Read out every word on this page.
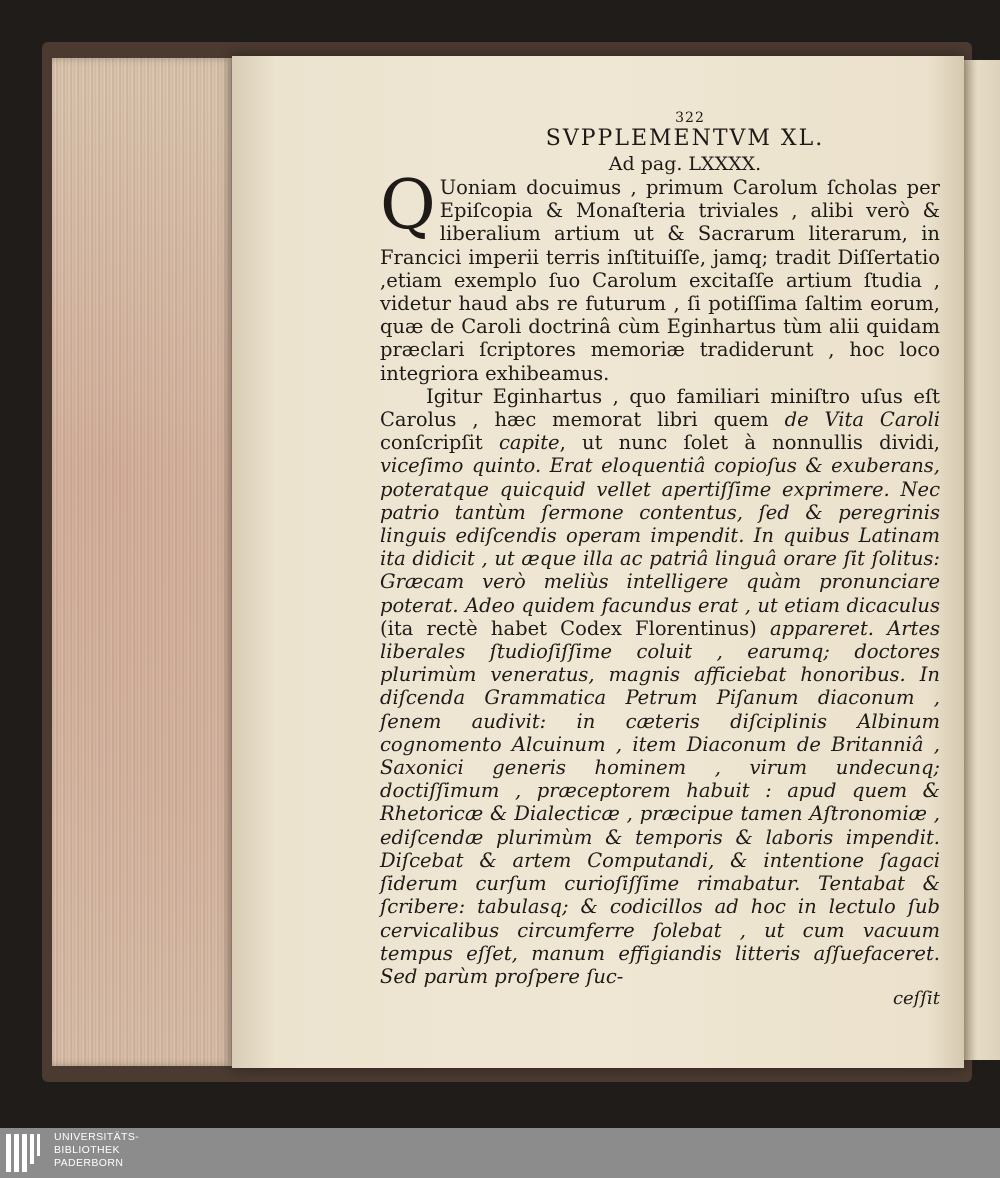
322
SVPPLEMENTVM XL.
Ad pag. LXXXX.

Q Uoniam docuimus , primum Carolum ſcholas per Epiſcopia & Monaſteria triviales , alibi verò & liberalium artium ut & Sacrarum literarum, in Francici imperii terris inſtituiſſe, jamq; tradit Diſſertatio ,etiam exemplo ſuo Carolum excitaſſe artium ſtudia , videtur haud abs re futurum , ſi potiſſima ſaltim eorum, quæ de Caroli doctrinâ cùm Eginhartus tùm alii quidam præclari ſcriptores memoriæ tradiderunt , hoc loco integriora exhibeamus.

Igitur Eginhartus , quo familiari miniſtro uſus eſt Carolus , hæc memorat libri quem de Vita Caroli conſcripſit capite, ut nunc ſolet à nonnullis dividi, viceſimo quinto. Erat eloquentiâ copioſus & exuberans, poteratque quicquid vellet apertiſſime exprimere. Nec patrio tantùm ſermone contentus, ſed & peregrinis linguis ediſcendis operam impendit. In quibus Latinam ita didicit , ut æque illa ac patriâ linguâ orare ſit ſolitus: Græcam verò meliùs intelligere quàm pronunciare poterat. Adeo quidem facundus erat , ut etiam dicaculus (ita rectè habet Codex Florentinus) appareret. Artes liberales ſtudioſiſſime coluit , earumq; doctores plurimùm veneratus, magnis afficiebat honoribus. In diſcenda Grammatica Petrum Piſanum diaconum , ſenem audivit: in cæteris diſciplinis Albinum cognomento Alcuinum , item Diaconum de Britanniâ , Saxonici generis hominem , virum undecunq; doctiſſimum , præceptorem habuit : apud quem & Rhetoricæ & Dialecticæ , præcipue tamen Aſtronomiæ , ediſcendæ plurimùm & temporis & laboris impendit. Diſcebat & artem Computandi, & intentione ſagaci ſiderum curſum curioſiſſime rimabatur. Tentabat & ſcribere: tabulasq; & codicillos ad hoc in lectulo ſub cervicalibus circumferre ſolebat , ut cum vacuum tempus eſſet, manum effigiandis litteris aſſuefaceret. Sed parùm proſpere ſuc-

ceſſit
UNIVERSITÄTS-
BIBLIOTHEK
PADERBORN
